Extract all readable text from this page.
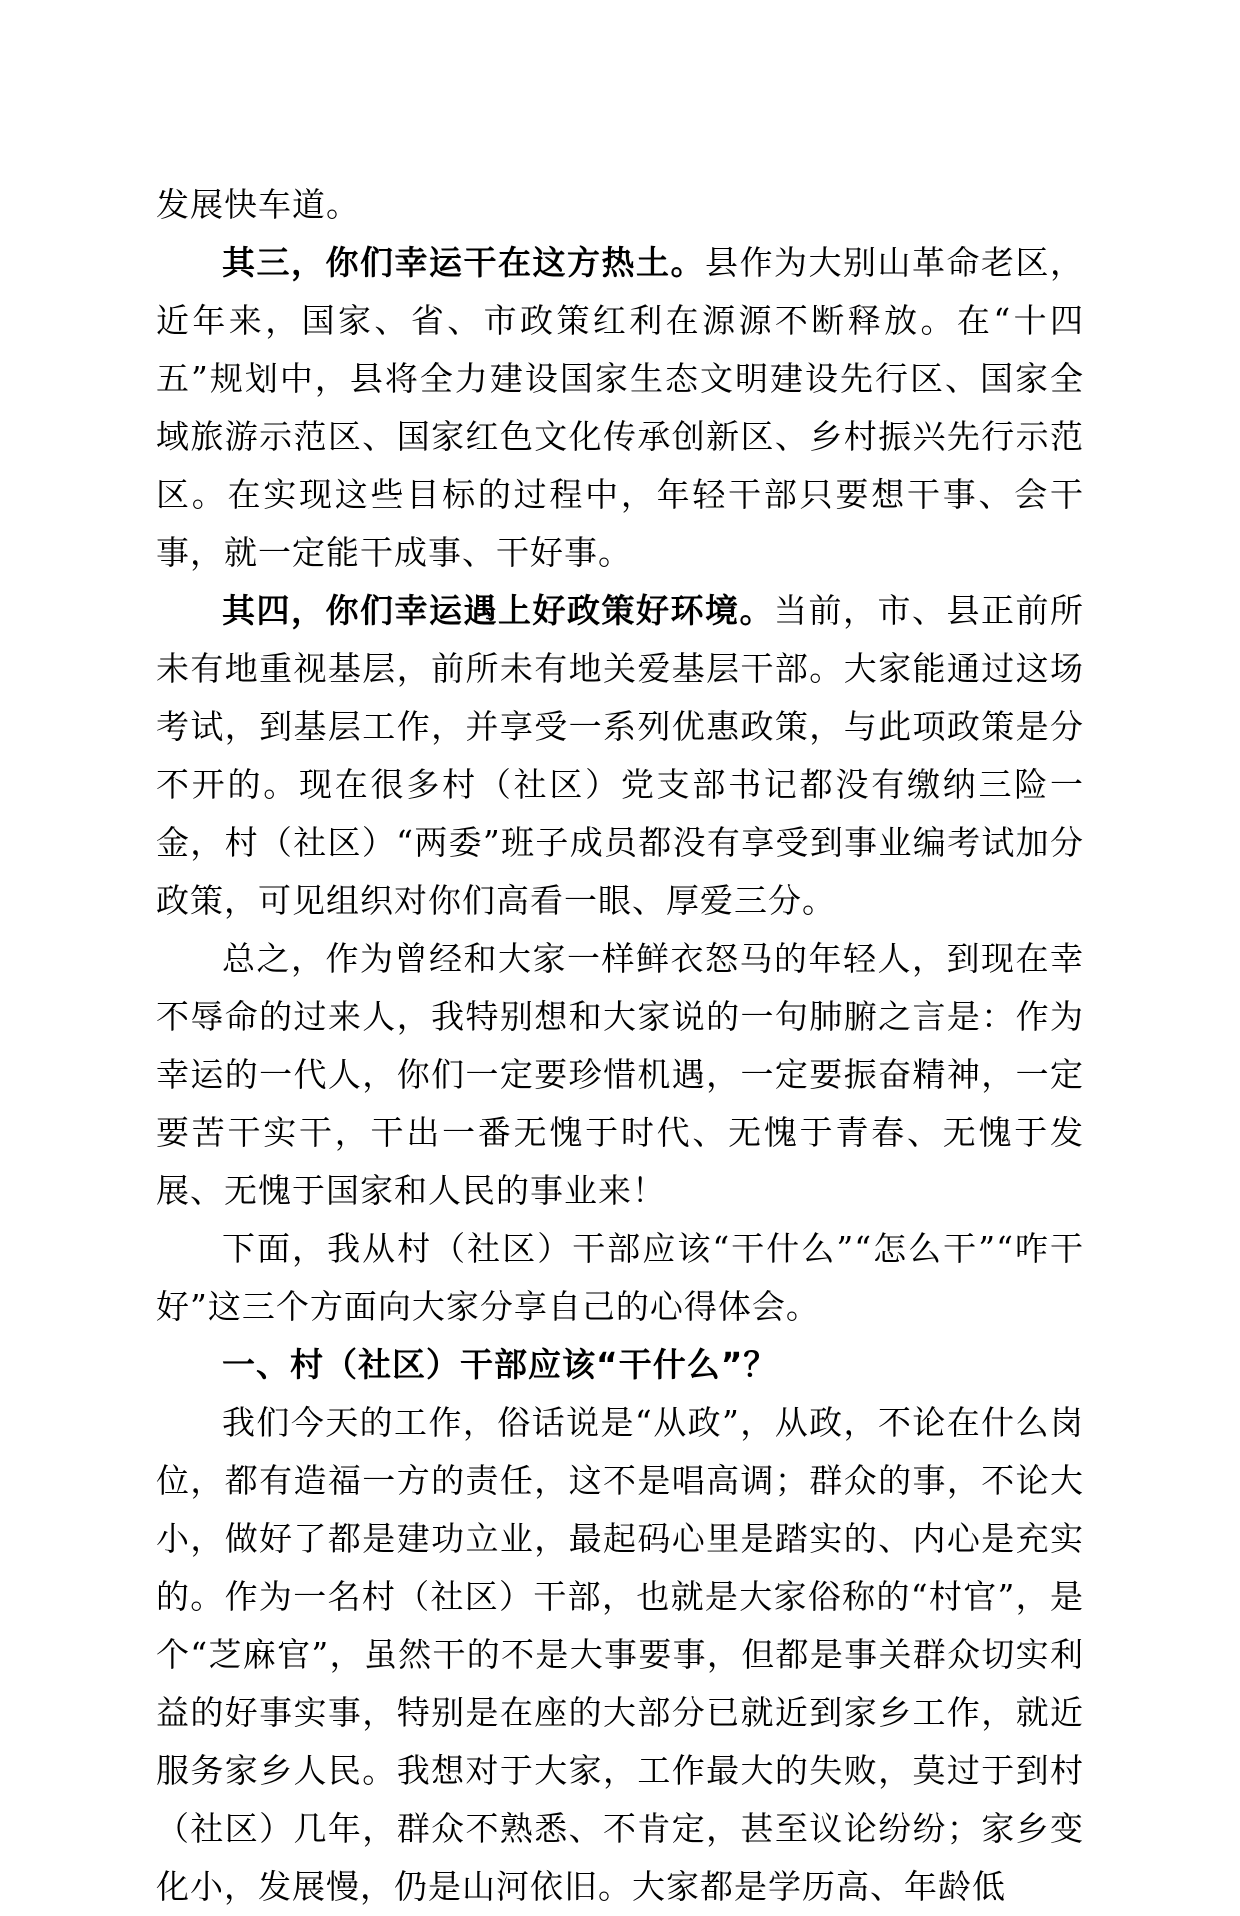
发展快车道。

其三，你们幸运干在这方热土。县作为大别山革命老区，近年来，国家、省、市政策红利在源源不断释放。在“十四五”规划中，县将全力建设国家生态文明建设先行区、国家全域旅游示范区、国家红色文化传承创新区、乡村振兴先行示范区。在实现这些目标的过程中，年轻干部只要想干事、会干事，就一定能干成事、干好事。

其四，你们幸运遇上好政策好环境。当前，市、县正前所未有地重视基层，前所未有地关爱基层干部。大家能通过这场考试，到基层工作，并享受一系列优惠政策，与此项政策是分不开的。现在很多村（社区）党支部书记都没有缴纳三险一金，村（社区）“两委”班子成员都没有享受到事业编考试加分政策，可见组织对你们高看一眼、厚爱三分。

总之，作为曾经和大家一样鲜衣怒马的年轻人，到现在幸不辱命的过来人，我特别想和大家说的一句肺腑之言是：作为幸运的一代人，你们一定要珍惜机遇，一定要振奋精神，一定要苦干实干，干出一番无愧于时代、无愧于青春、无愧于发展、无愧于国家和人民的事业来！

下面，我从村（社区）干部应该“干什么”“怎么干”“咋干好”这三个方面向大家分享自己的心得体会。

一、村（社区）干部应该“干什么”？

我们今天的工作，俗话说是“从政”，从政，不论在什么岗位，都有造福一方的责任，这不是唱高调；群众的事，不论大小，做好了都是建功立业，最起码心里是踏实的、内心是充实的。作为一名村（社区）干部，也就是大家俗称的“村官”，是个“芝麻官”，虽然干的不是大事要事，但都是事关群众切实利益的好事实事，特别是在座的大部分已就近到家乡工作，就近服务家乡人民。我想对于大家，工作最大的失败，莫过于到村（社区）几年，群众不熟悉、不肯定，甚至议论纷纷；家乡变化小，发展慢，仍是山河依旧。大家都是学历高、年龄低
